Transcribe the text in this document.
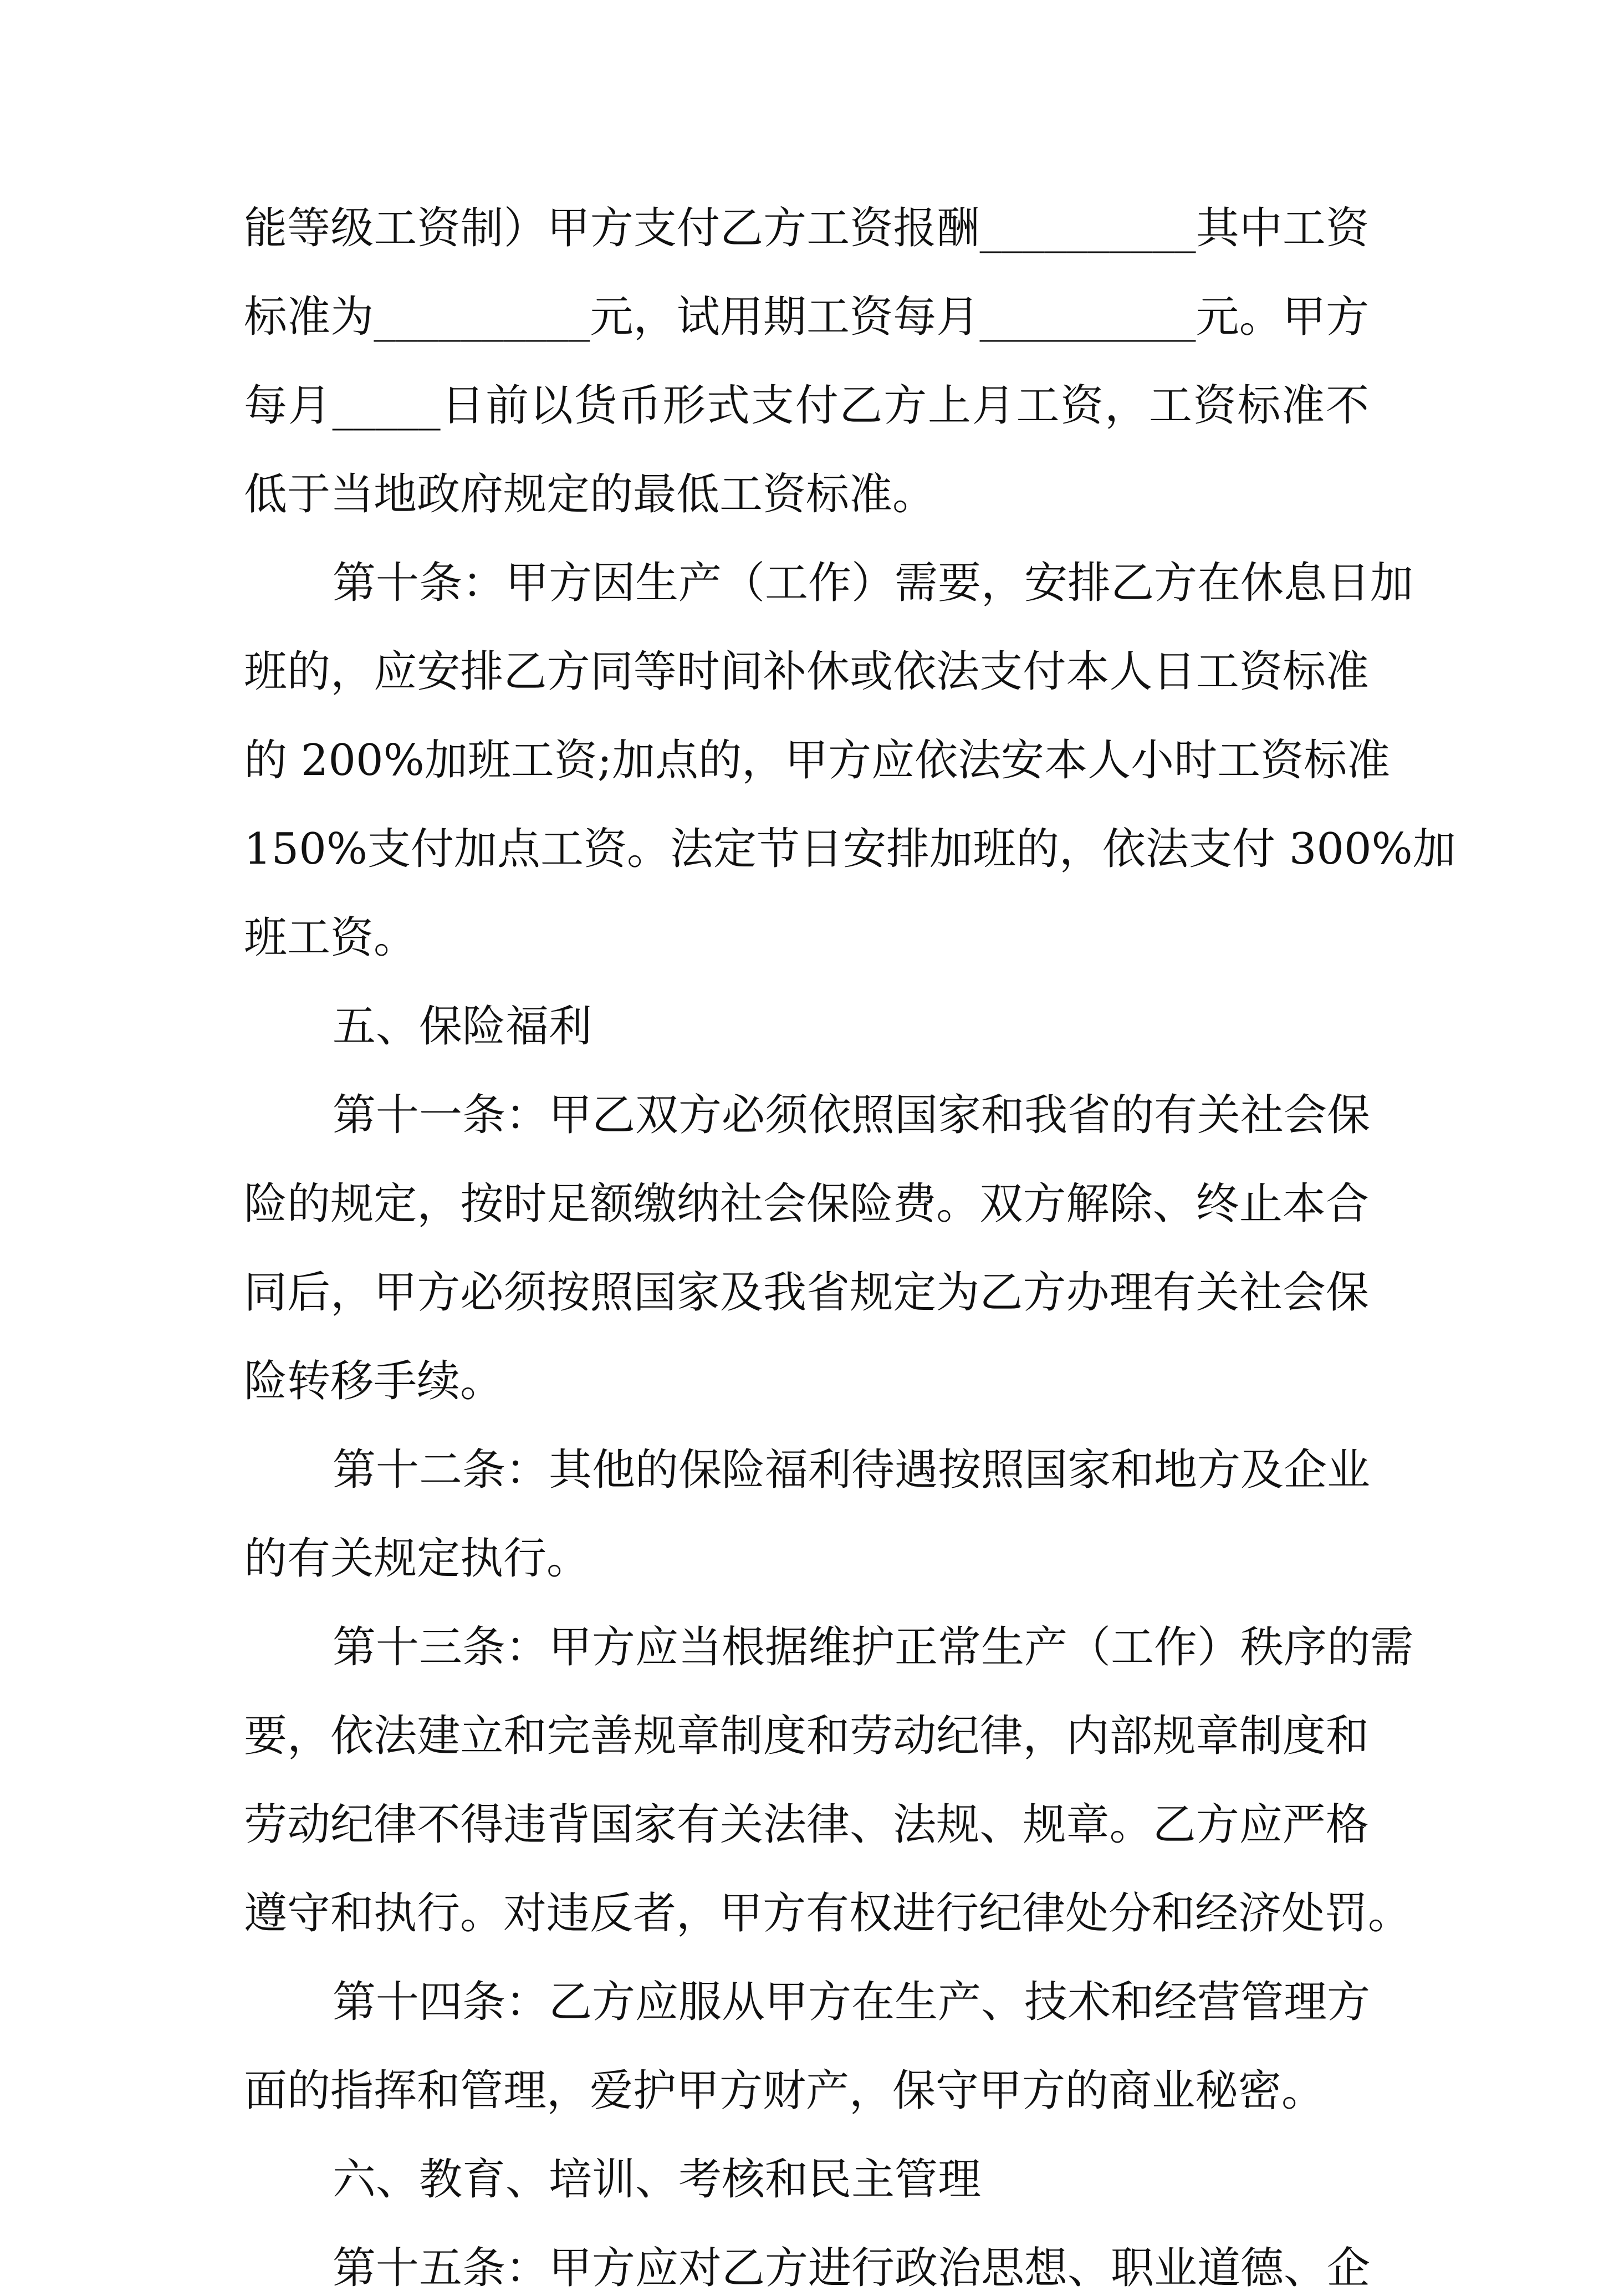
能等级工资制）甲方支付乙方工资报酬__________其中工资
标准为__________元，试用期工资每月__________元。甲方
每月_____日前以货币形式支付乙方上月工资，工资标准不
低于当地政府规定的最低工资标准。
第十条：甲方因生产（工作）需要，安排乙方在休息日加
班的，应安排乙方同等时间补休或依法支付本人日工资标准
的 200%加班工资;加点的，甲方应依法安本人小时工资标准
150%支付加点工资。法定节日安排加班的，依法支付 300%加
班工资。
五、保险福利
第十一条：甲乙双方必须依照国家和我省的有关社会保
险的规定，按时足额缴纳社会保险费。双方解除、终止本合
同后，甲方必须按照国家及我省规定为乙方办理有关社会保
险转移手续。
第十二条：其他的保险福利待遇按照国家和地方及企业
的有关规定执行。
第十三条：甲方应当根据维护正常生产（工作）秩序的需
要，依法建立和完善规章制度和劳动纪律，内部规章制度和
劳动纪律不得违背国家有关法律、法规、规章。乙方应严格
遵守和执行。对违反者，甲方有权进行纪律处分和经济处罚。
第十四条：乙方应服从甲方在生产、技术和经营管理方
面的指挥和管理，爱护甲方财产，保守甲方的商业秘密。
六、教育、培训、考核和民主管理
第十五条：甲方应对乙方进行政治思想、职业道德、企
